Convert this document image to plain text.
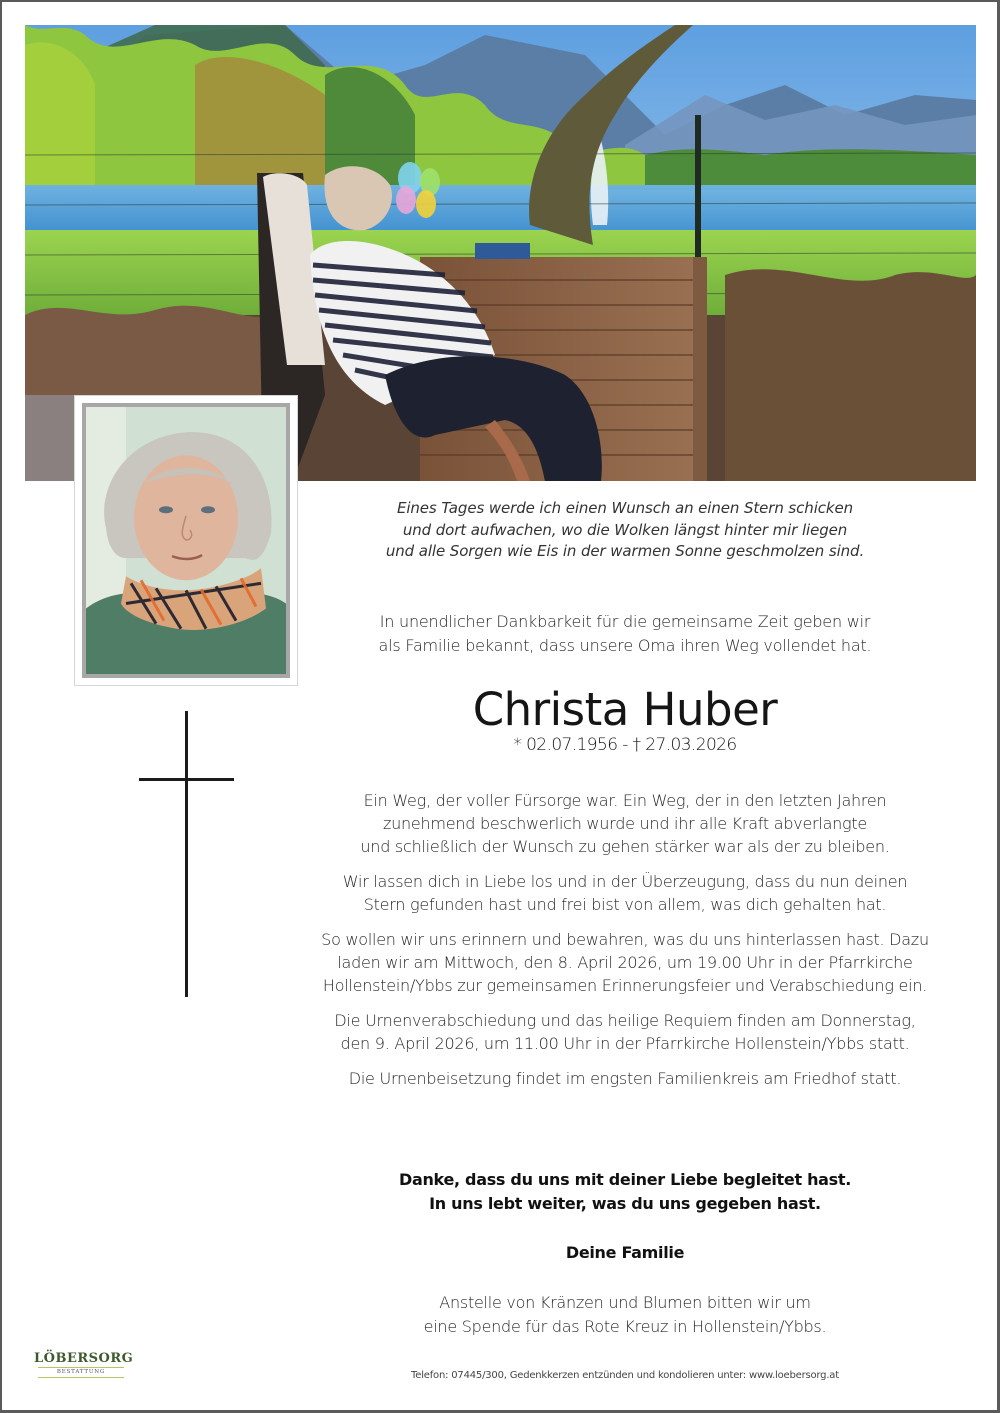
Eines Tages werde ich einen Wunsch an einen Stern schicken
und dort aufwachen, wo die Wolken längst hinter mir liegen
und alle Sorgen wie Eis in der warmen Sonne geschmolzen sind.
In unendlicher Dankbarkeit für die gemeinsame Zeit geben wir
als Familie bekannt, dass unsere Oma ihren Weg vollendet hat.
Christa Huber
* 02.07.1956 - † 27.03.2026

Ein Weg, der voller Fürsorge war. Ein Weg, der in den letzten Jahren
zunehmend beschwerlich wurde und ihr alle Kraft abverlangte
und schließlich der Wunsch zu gehen stärker war als der zu bleiben.

Wir lassen dich in Liebe los und in der Überzeugung, dass du nun deinen
Stern gefunden hast und frei bist von allem, was dich gehalten hat.

So wollen wir uns erinnern und bewahren, was du uns hinterlassen hast. Dazu
laden wir am Mittwoch, den 8. April 2026, um 19.00 Uhr in der Pfarrkirche
Hollenstein/Ybbs zur gemeinsamen Erinnerungsfeier und Verabschiedung ein.

Die Urnenverabschiedung und das heilige Requiem finden am Donnerstag,
den 9. April 2026, um 11.00 Uhr in der Pfarrkirche Hollenstein/Ybbs statt.

Die Urnenbeisetzung findet im engsten Familienkreis am Friedhof statt.

Danke, dass du uns mit deiner Liebe begleitet hast.
In uns lebt weiter, was du uns gegeben hast.
Deine Familie
Anstelle von Kränzen und Blumen bitten wir um
eine Spende für das Rote Kreuz in Hollenstein/Ybbs.
Telefon: 07445/300, Gedenkkerzen entzünden und kondolieren unter: www.loebersorg.at
LÖBERSORG
BESTATTUNG
